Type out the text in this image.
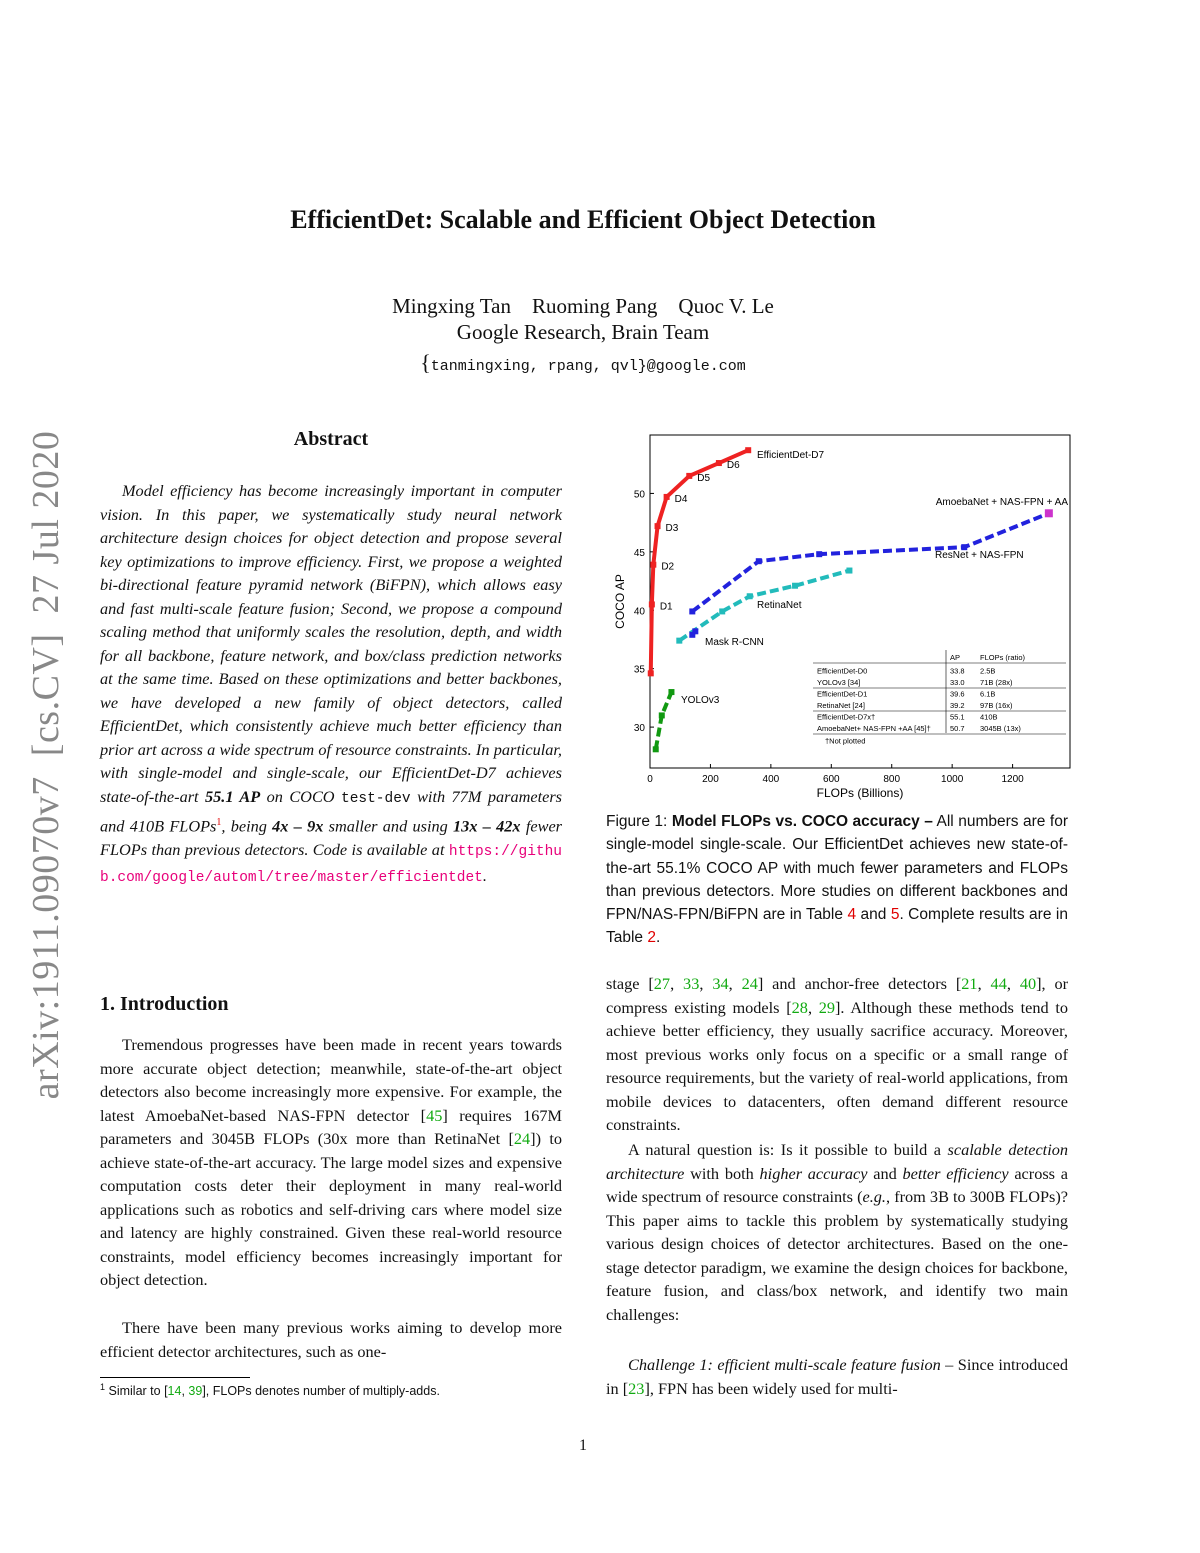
EfficientDet: Scalable and Efficient Object Detection
Mingxing Tan    Ruoming Pang    Quoc V. Le
Google Research, Brain Team
{tanmingxing, rpang, qvl}@google.com
arXiv:1911.09070v7  [cs.CV]  27 Jul 2020	Abstract
Model efficiency has become increasingly important in computer vision. In this paper, we systematically study neural network architecture design choices for object detection and propose several key optimizations to improve efficiency. First, we propose a weighted bi-directional feature pyramid network (BiFPN), which allows easy and fast multi-scale feature fusion; Second, we propose a compound scaling method that uniformly scales the resolution, depth, and width for all backbone, feature network, and box/class prediction networks at the same time. Based on these optimizations and better backbones, we have developed a new family of object detectors, called EfficientDet, which consistently achieve much better efficiency than prior art across a wide spectrum of resource constraints. In particular, with single-model and single-scale, our EfficientDet-D7 achieves state-of-the-art 55.1 AP on COCO test-dev with 77M parameters and 410B FLOPs$^1$, being 4x – 9x smaller and using 13x – 42x fewer FLOPs than previous detectors. Code is available at https://github.com/google/automl/tree/master/efficientdet.
1. Introduction
Tremendous progresses have been made in recent years towards more accurate object detection; meanwhile, state-of-the-art object detectors also become increasingly more expensive. For example, the latest AmoebaNet-based NAS-FPN detector [45] requires 167M parameters and 3045B FLOPs (30x more than RetinaNet [24]) to achieve state-of-the-art accuracy. The large model sizes and expensive computation costs deter their deployment in many real-world applications such as robotics and self-driving cars where model size and latency are highly constrained. Given these real-world resource constraints, model efficiency becomes increasingly important for object detection.
There have been many previous works aiming to develop more efficient detector architectures, such as one-
$^1$ Similar to [14, 39], FLOPs denotes number of multiply-adds.
0	200	400	600	800	1000	1200
30
35
40
45
50
FLOPs (Billions)
COCO AP	D1
D2
D3
D4
D5
D6
EfficientDet-D7
AmoebaNet + NAS-FPN + AA
ResNet + NAS-FPN
RetinaNet
Mask R-CNN
YOLOv3
AP	FLOPs (ratio)
EfficientDet-D0	33.8 2.5B
YOLOv3 [34]	33.0 71B (28x)
EfficientDet-D1	39.6 6.1B
RetinaNet [24]	39.2 97B (16x)
EfficientDet-D7x†	55.1 410B
AmoebaNet+ NAS-FPN +AA [45]†	50.7 3045B (13x)
†Not plotted
Figure 1: Model FLOPs vs. COCO accuracy – All numbers are for single-model single-scale. Our EfficientDet achieves new state-of-the-art 55.1% COCO AP with much fewer parameters and FLOPs than previous detectors. More studies on different backbones and FPN/NAS-FPN/BiFPN are in Table 4 and 5. Complete results are in Table 2.
stage [27, 33, 34, 24] and anchor-free detectors [21, 44, 40], or compress existing models [28, 29]. Although these methods tend to achieve better efficiency, they usually sacrifice accuracy. Moreover, most previous works only focus on a specific or a small range of resource requirements, but the variety of real-world applications, from mobile devices to datacenters, often demand different resource constraints.
A natural question is: Is it possible to build a scalable detection architecture with both higher accuracy and better efficiency across a wide spectrum of resource constraints (e.g., from 3B to 300B FLOPs)? This paper aims to tackle this problem by systematically studying various design choices of detector architectures. Based on the one-stage detector paradigm, we examine the design choices for backbone, feature fusion, and class/box network, and identify two main challenges:
Challenge 1: efficient multi-scale feature fusion – Since introduced in [23], FPN has been widely used for multi-
1
